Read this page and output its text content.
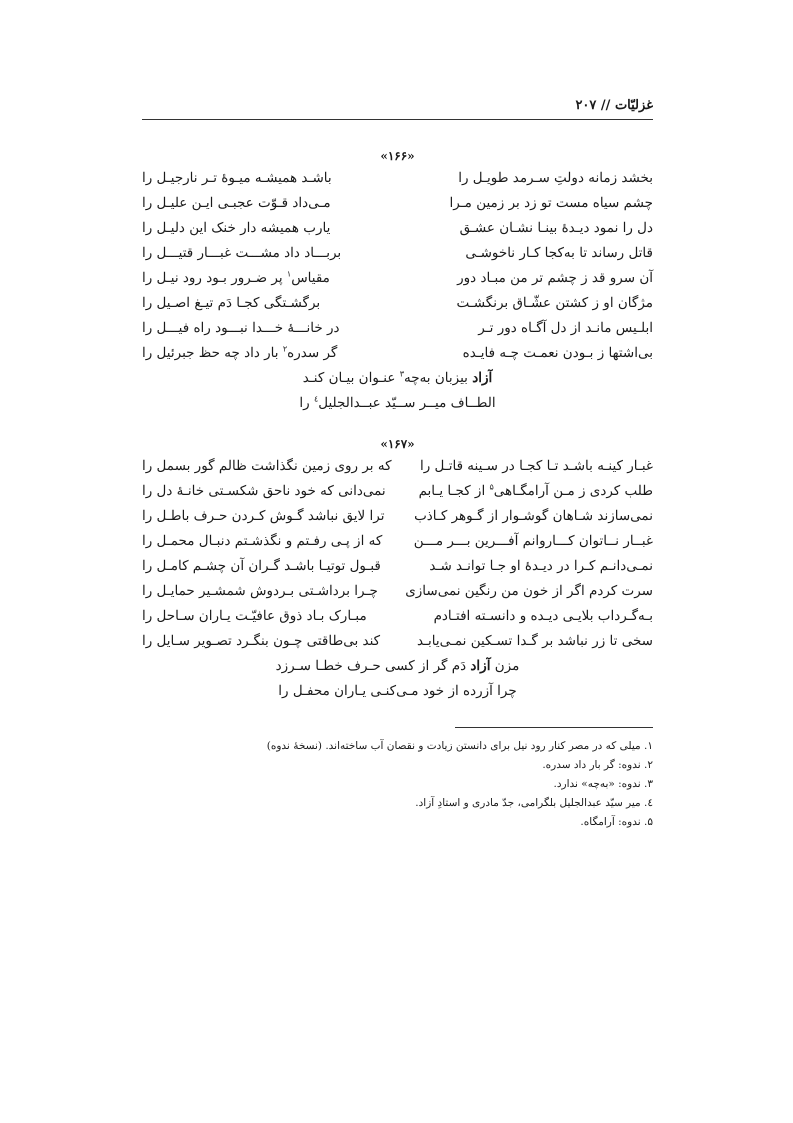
غزلیّات // ۲۰۷
«۱۶۶»
بخشد زمانه دولتِ سـرمد طویـل را
باشـد همیشـه میـوهٔ تـر نارجیـل را
چشم سیاه مست تو زد بر زمین مـرا
مـی‌داد قـوّت عجبـی ایـن علیـل را
دل را نمود دیـدهٔ بینـا نشـان عشـق
یارب همیشه دار خنک این دلیـل را
قاتل رساند تا به‌کجا کـار ناخوشـی
بربـــاد داد مشـــت غبـــار قتیـــل را
آن سرو قد ز چشم تر من مبـاد دور
مقیاس$^۱$ پر ضـرور بـود رود نیـل را
مژگان او ز کشتن عشّـاق برنگشـت
برگشـتگی کجـا دَم تیـغ اصـیل را
ابلـیس مانـد از دل آگـاه دور تـر
در خانـــهٔ خـــدا نبـــود راه فیـــل را
بی‌اشتها ز بـودن نعمـت چـه فایـده
گر سدره$^۲$ بار داد چه حظ جبرئیل را
آزاد بیزبان به‌چه$^۳$ عنـوان بیـان کنـد
الطــاف میــر ســیّد عبــدالجلیل$^٤$ را
«۱۶۷»
غبـار کینـه باشـد تـا کجـا در سـینه قاتـل را
که بر روی زمین نگذاشت ظالم گور بسمل را
طلب کردی ز مـن آرامگـاهی$^۵$ از کجـا یـابم
نمی‌دانی که خود ناحق شکسـتی خانـهٔ دل را
نمی‌سازند شـاهان گوشـوار از گـوهر کـاذب
ترا لایق نباشد گـوش کـردن حـرف باطـل را
غبــار نــاتوان کـــاروانم آفـــرین بـــر مـــن
که از پـی رفـتم و نگذشـتم دنبـال محمـل را
نمـی‌دانـم کـرا در دیـدهٔ او جـا توانـد شـد
قبـول توتیـا باشـد گـران آن چشـم کامـل را
سرت کردم اگر از خون من رنگین نمی‌سازی
چـرا برداشـتی بـردوش شمشـیر حمایـل را
بـه‌گـرداب بلایـی دیـده و دانسـته افتـادم
مبـارک بـاد ذوق عافیّـت یـاران سـاحل را
سخی تا زر نباشد بر گـدا تسـکین نمـی‌یابـد
کند بی‌طاقتی چـون بنگـرد تصـویر سـایل را
مزن آزاد دَم گر از کسی حـرف خطـا سـرزد
چرا آزرده از خود مـی‌کنـی یـاران محفـل را
۱. میلی که در مصر کنار رود نیل برای دانستن زیادت و نقصان آب ساخته‌اند. (نسخهٔ ندوه)
۲. ندوه: گر بار داد سدره.
۳. ندوه: «به‌چه» ندارد.
٤. میر سیّد عبدالجلیل بلگرامی، جدّ مادری و استادِ آزاد.
۵. ندوه: آرامگاه.
